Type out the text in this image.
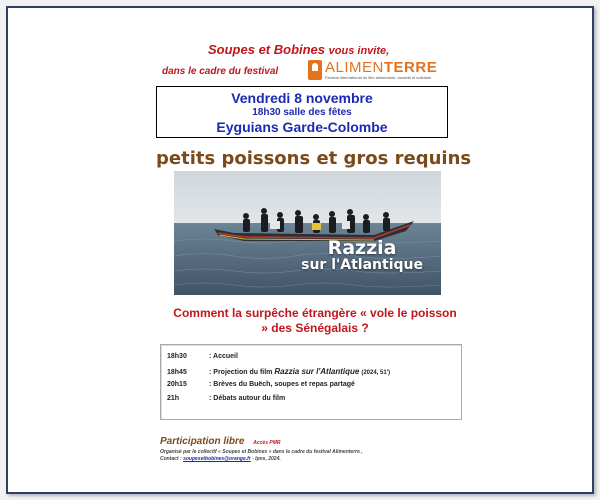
Soupes et Bobines vous invite,
dans le cadre du festival	ALIMENTERRE
Festival international du film alimentaire, durable et solidaire
Vendredi 8 novembre
18h30 salle des fêtes
Eyguians Garde-Colombe
petits poissons et gros requins
Razzia
sur l'Atlantique
Comment la surpêche étrangère « vole le poisson » des Sénégalais ?
18h30	: Accueil
18h45	: Projection du film Razzia sur l'Atlantique (2024, 51')
20h15	: Brèves du Buëch, soupes et repas partagé
21h	: Débats autour du film
Participation libre Accès PMR
Organisé par le collectif « Soupes et Bobines » dans le cadre du festival Alimenterre ,
Contact : soupesetbobines@orange.fr - Ipns, 2024.
